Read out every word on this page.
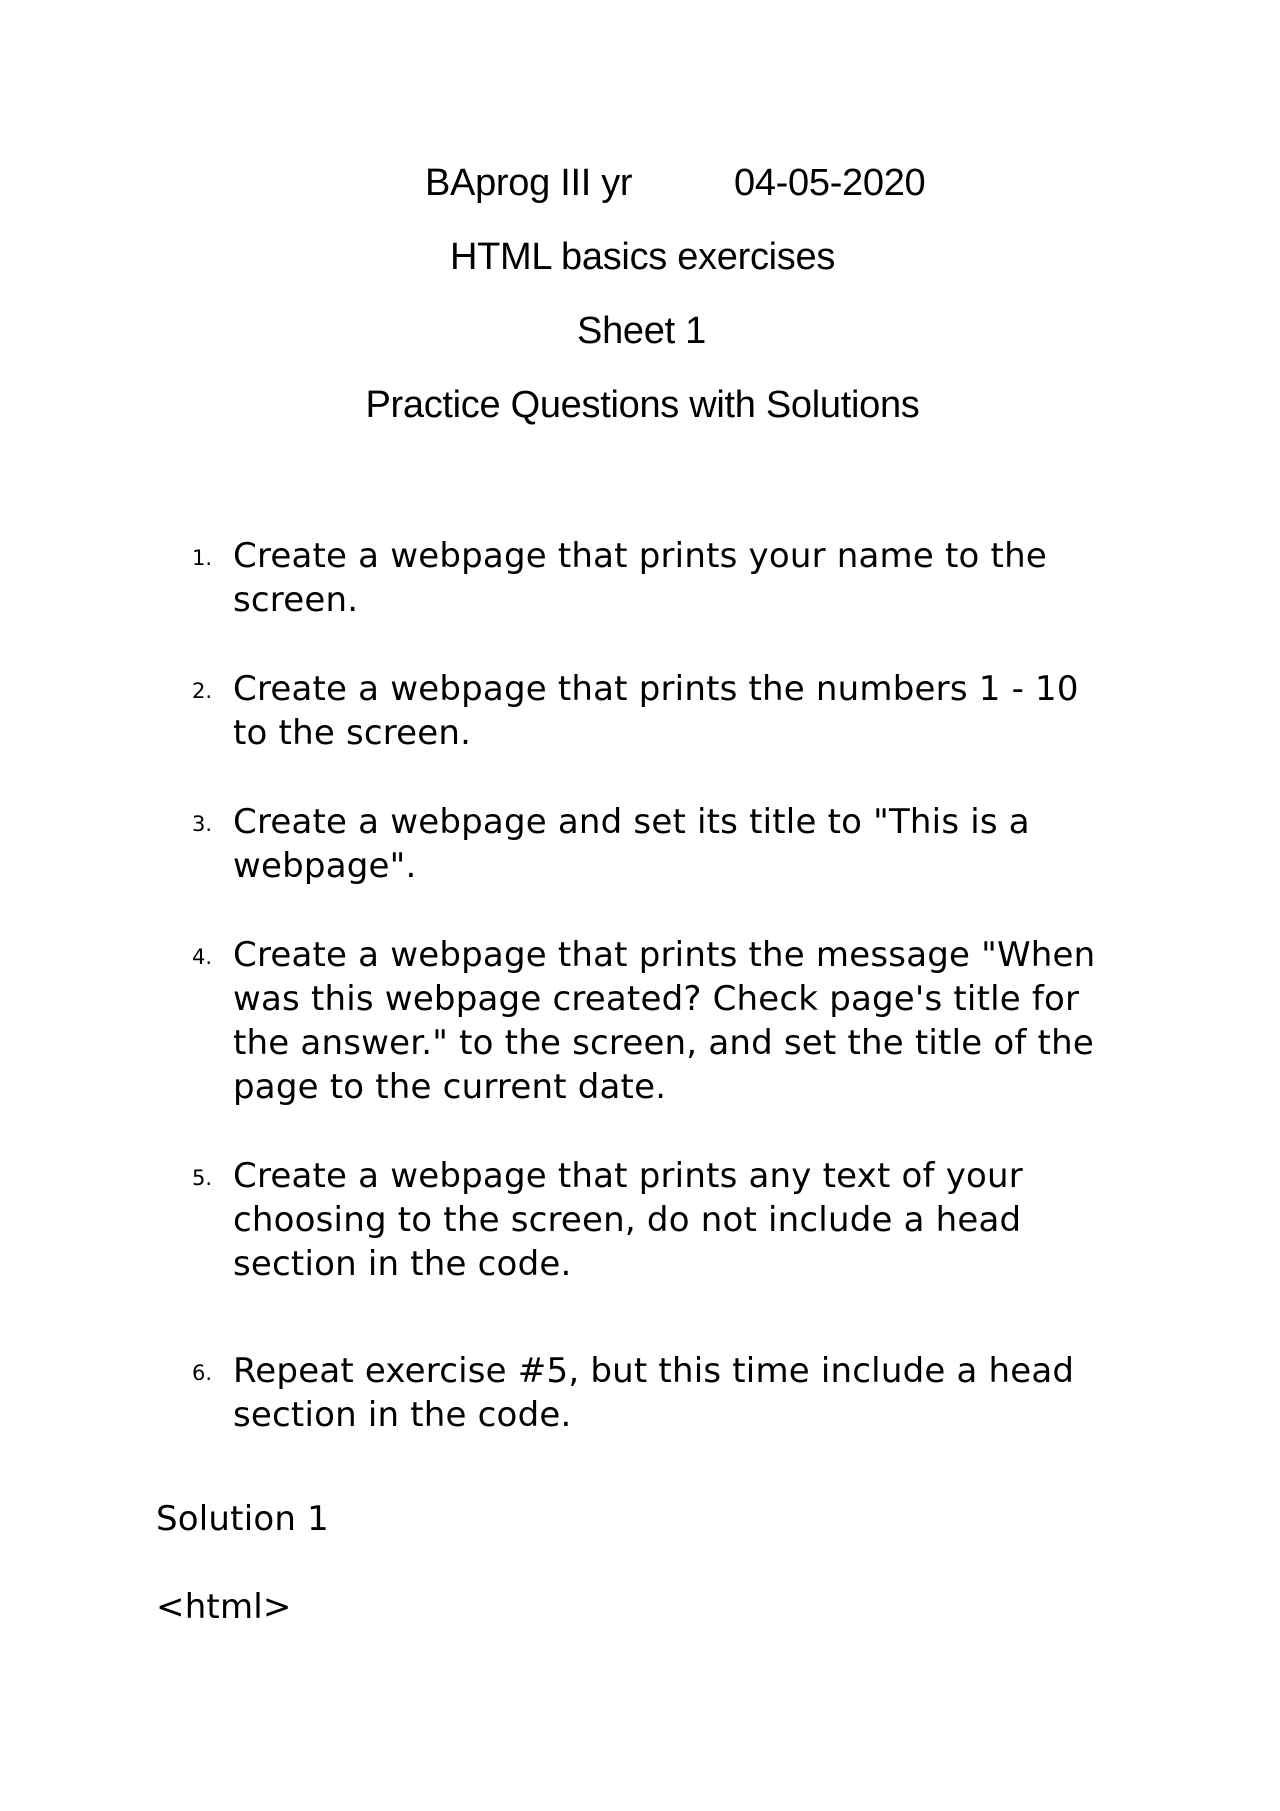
BAprog III yr	04-05-2020
HTML basics exercises
Sheet 1
Practice Questions with Solutions
1. Create a webpage that prints your name to the
screen.
2. Create a webpage that prints the numbers 1 - 10
to the screen.
3. Create a webpage and set its title to "This is a
webpage".
4. Create a webpage that prints the message "When
was this webpage created? Check page's title for
the answer." to the screen, and set the title of the
page to the current date.
5. Create a webpage that prints any text of your
choosing to the screen, do not include a head
section in the code.
6. Repeat exercise #5, but this time include a head
section in the code.
Solution 1
<html>
